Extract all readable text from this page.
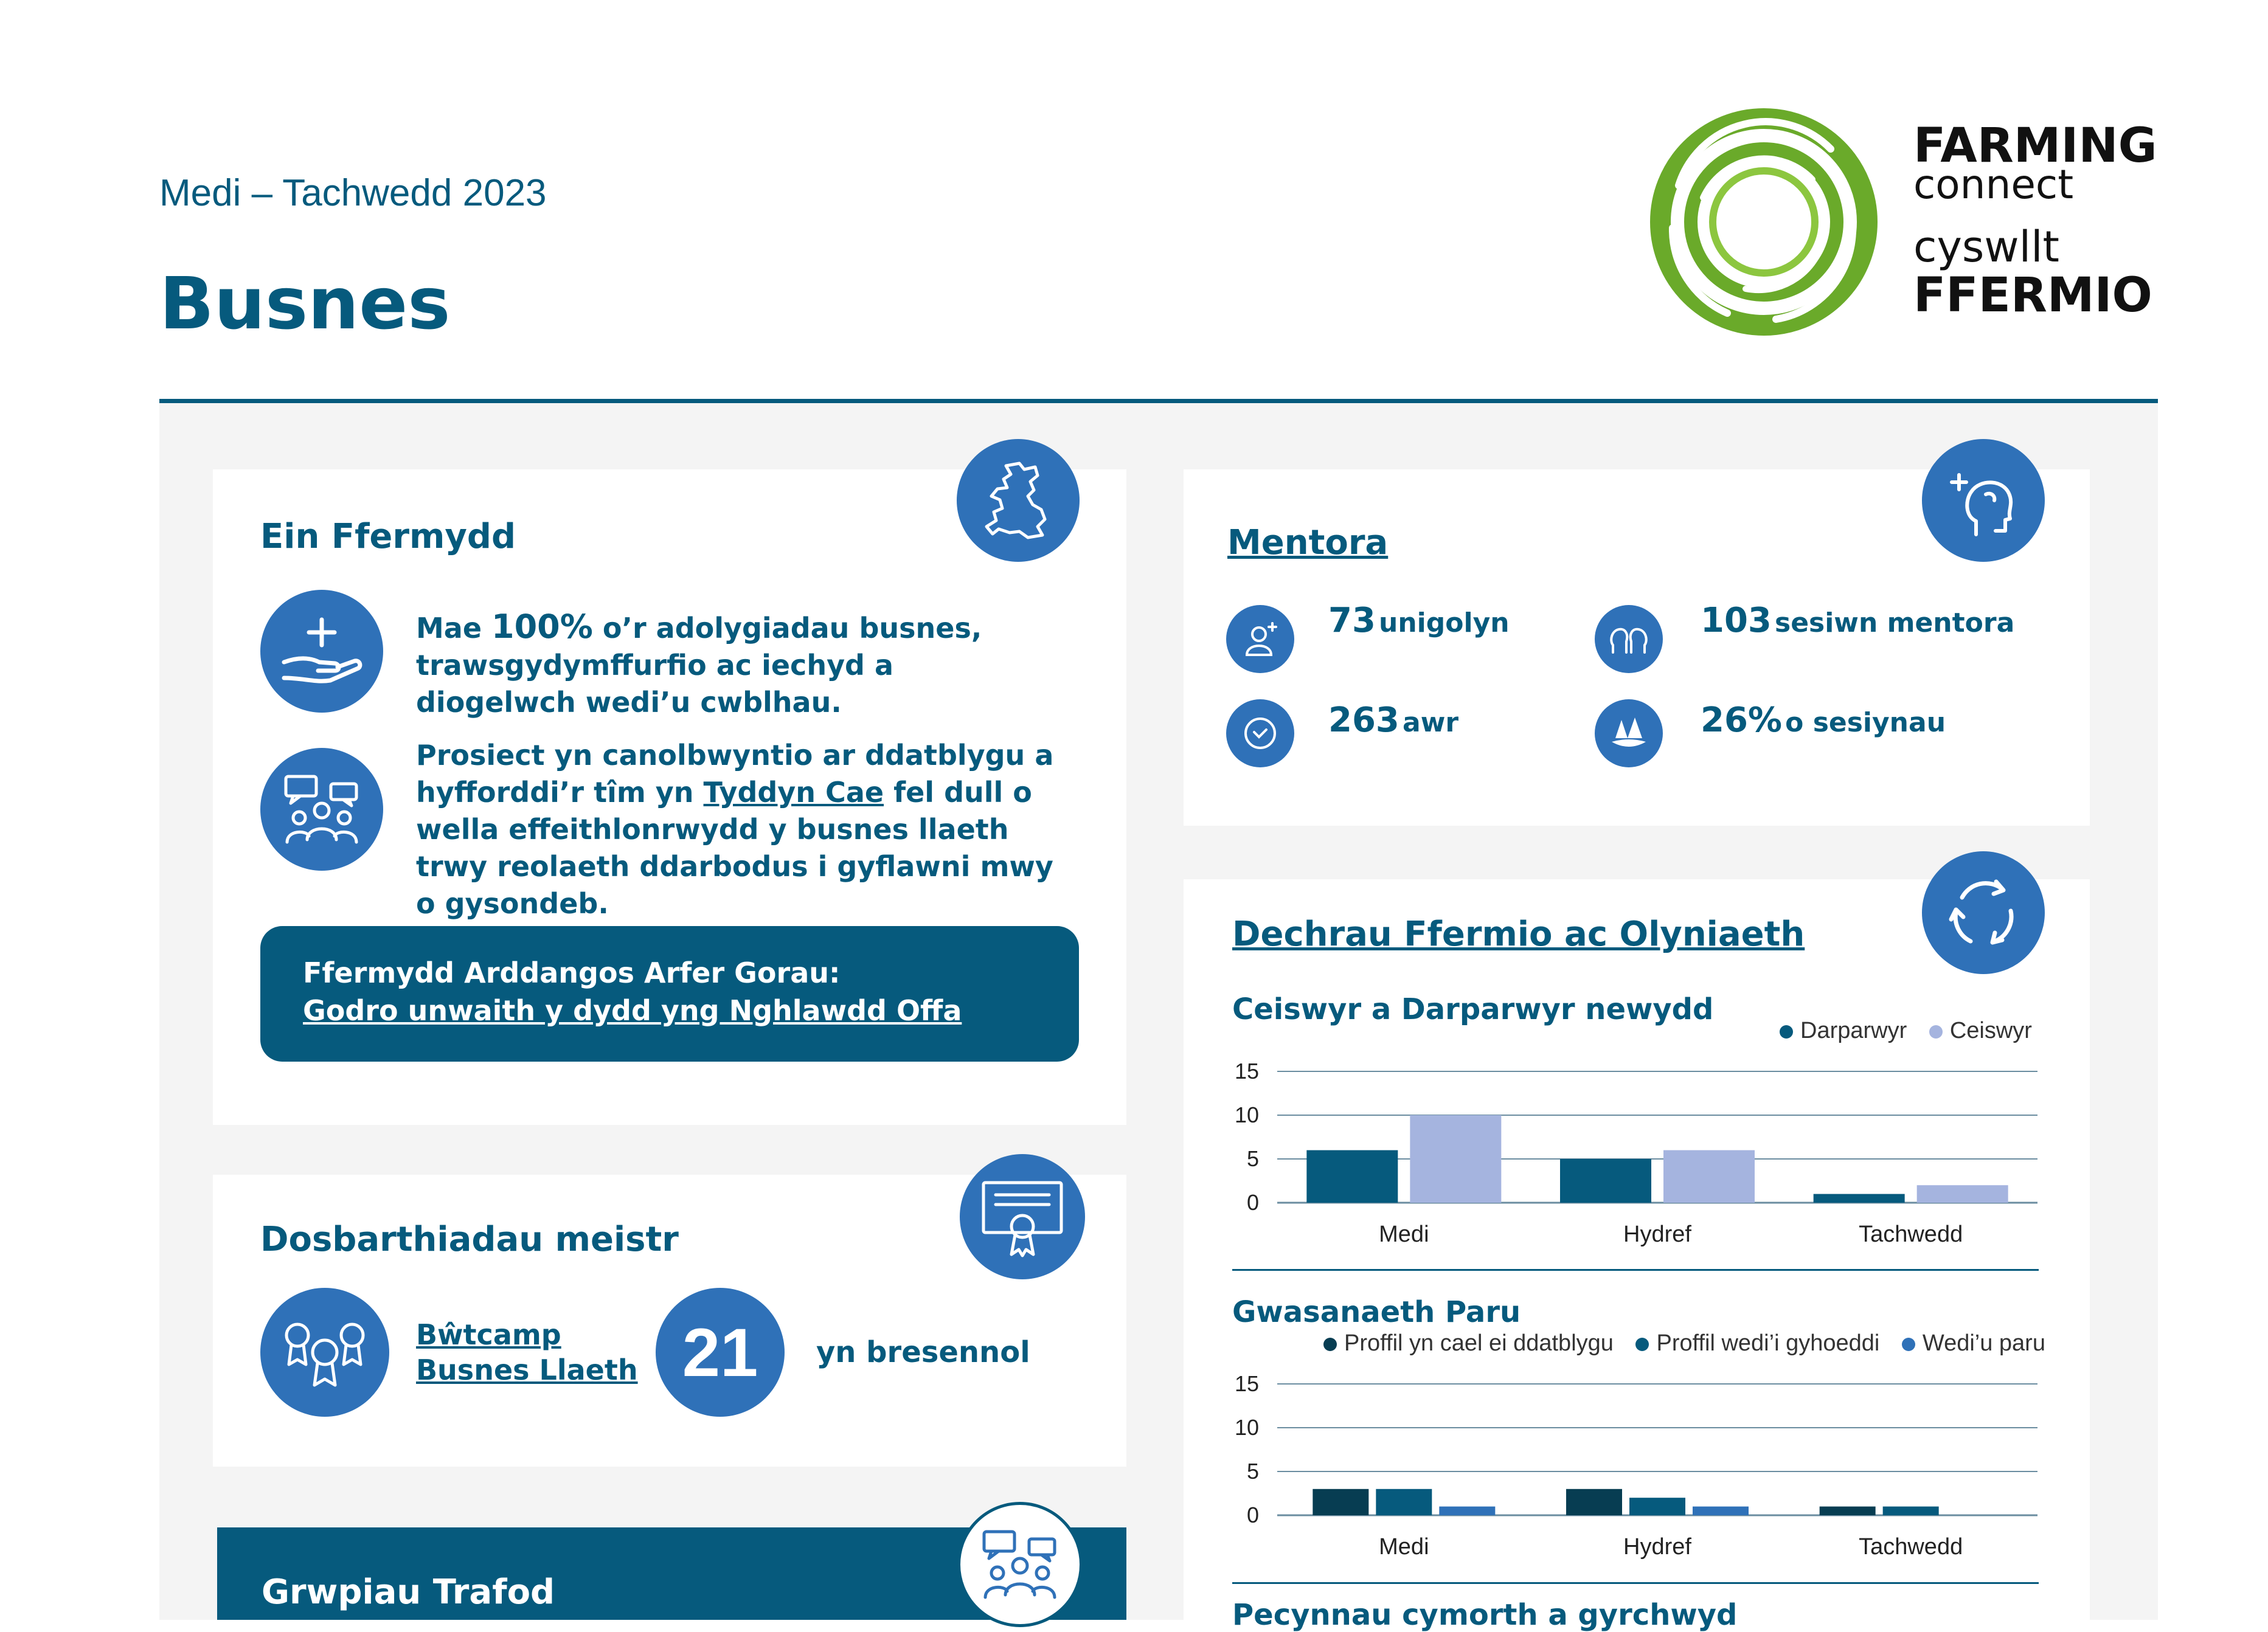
Medi – Tachwedd 2023
Busnes
FARMING
connect
cyswllt
FFERMIO
Ein Ffermydd
Mae 100% o’r adolygiadau busnes, trawsgydymffurfio ac iechyd a diogelwch wedi’u cwblhau.
Prosiect yn canolbwyntio ar ddatblygu a hyfforddi’r tîm yn Tyddyn Cae fel dull o wella effeithlonrwydd y busnes llaeth trwy reolaeth ddarbodus i gyflawni mwy o gysondeb.
Ffermydd Arddangos Arfer Gorau:
Godro unwaith y dydd yng Nghlawdd Offa
Dosbarthiadau meistr
Bŵtcamp
Busnes Llaeth 21 yn bresennol
Grwpiau Trafod
Mentora
73 unigolyn	103 sesiwn mentora
263 awr	26% o sesiynau
Dechrau Ffermio ac Olyniaeth
Ceiswyr a Darparwyr newydd
Darparwyr Ceiswyr
0
5
10
15
Medi	Hydref	Tachwedd
Gwasanaeth Paru
Proffil yn cael ei ddatblygu Proffil wedi’i gyhoeddi Wedi’u paru
0
5
10
15
Medi	Hydref	Tachwedd
Pecynnau cymorth a gyrchwyd
